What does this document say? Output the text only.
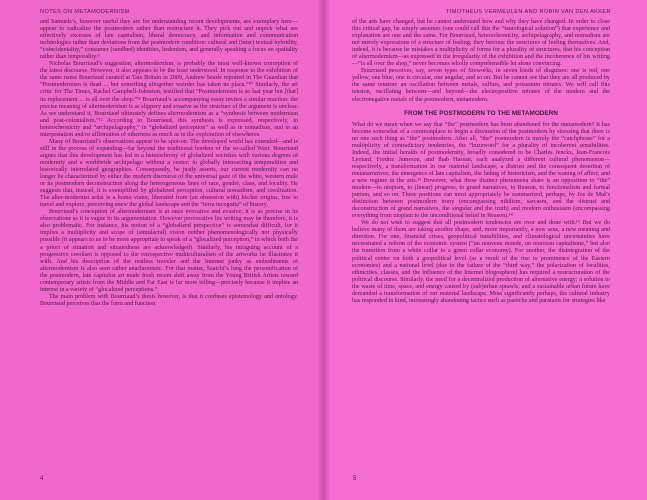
NOTES ON METAMODERNISM

and Samuels’s, however useful they are for understanding recent developments, are exemplary here—appear to radicalize the postmodern rather than restructure it. They pick out and unpick what are effectively excesses of late capitalism, liberal democracy, and information and communication technologies rather than deviations from the postmodern condition: cultural and (inter) textual hybridity, “coincidentality,” consumer (sandbed) identities, hedonism, and generally speaking a focus on spatiality rather than temporality.⁹

Nicholas Bourriaud’s suggestion, altermodernism, is probably the most well-known conception of the latest discourse. However, it also appears to be the least understood. In response to the exhibition of the same name Bourriaud curated at Tate Britain in 2009, Andrew Searle reported in The Guardian that “Postmodernism is dead ... but something altogether weirder has taken its place.”¹⁰ Similarly, the art critic for The Times, Rachel Campbell-Johnston, testified that “Postmodernism is so last year but [that] its replacement ... is all over the shop.”¹¹ Bourriaud’s accompanying essay invites a similar reaction: the precise meaning of altermodernism is as slippery and evasive as the structure of the argument is unclear. As we understand it, Bourriaud ultimately defines altermodernism as a “synthesis between modernism and post-colonialism.”¹² According to Bourriaud, this synthesis is expressed, respectively, in heterochronicity and “archipelagraphy,” in “globalized perception” as well as in nomadism, and in an interpretation and/or affirmation of otherness as much as in the exploration of elsewheres.

Many of Bourriaud’s observations appear to be spot-on. The developed world has extended—and is still in the process of expanding—far beyond the traditional borders of the so-called West. Bourriaud argues that this development has led to a heterochrony of globalized societies with various degrees of modernity and a worldwide archipelago without a center; to globally intersecting temporalities and historically interrelated geographies. Consequently, he justly asserts, our current modernity can no longer be characterized by either the modern discourse of the universal gaze of the white, western male or its postmodern deconstruction along the heterogeneous lines of race, gender, class, and locality. He suggests that, instead, it is exemplified by globalized perception, cultural nomadism, and creolization. The alter-modernist artist is a homo viator, liberated from (an obsession with) his/her origins, free to travel and explore, perceiving anew the global landscape and the “terra incognita” of history.

Bourriaud’s conception of altermodernism is at once evocative and evasive; it is as precise in its observations as it is vague in its argumentation. However provocative his writing may be therefore, it is also problematic. For instance, his notion of a “globalized perspective” is somewhat difficult, for it implies a multiplicity and scope of (simulacral) vision neither phenomenologically nor physically possible (it appears to us to be more appropriate to speak of a “glocalized perception,” in which both the a priori of situation and situatedness are acknowledged). Similarly, his intriguing account of a progressive creolism is opposed to the retrospective multiculturalism of the artworks he illustrates it with. And his description of the restless traveler and the Internet junky as embodiments of altermodernism is also seen rather anachronistic. For that matter, Saatchi’s long the personification of the postmodern, late capitalist art made fresh recent shift away from the Young British Artists toward contemporary artists from the Middle and Far East is far more telling—precisely because it implies an interest in a variety of “glocalized perceptions.”

The main problem with Bourriaud’s thesis however, is that it confuses epistemology and ontology. Bourriaud perceives that the form and function

4
TIMOTHEUS VERMEULEN AND ROBIN VAN DEN AKKER

of the arts have changed, but he cannot understand how and why they have changed. In order to close this critical gap, he simply assumes (one could call this the “tautological solution”) that experience and explanation are one and the same. For Bourriaud, heterochronicity, archipelagraphy, and nomadism are not merely expressions of a structure of feeling; they become the structures of feeling themselves. And, indeed, it is because he mistakes a multiplicity of forms for a plurality of structures, that his conception of altermodernism—as expressed in the irregularity of the exhibition and the incoherence of his writing—“is all over the shop,” never becomes wholly comprehensible let alone convincing.

Bourriaud perceives, say, seven types of fireworks, in seven kinds of disguises: one is red, one yellow, one blue, one is circular, one angular, and so on. But he cannot see that they are all produced by the same tension: an oscillation between metals, sulfurs, and potassium nitrates. We will call this tension, oscillating between—and beyond—the electropositive nitrates of the modern and the electronegative metals of the postmodern, metamodern.

FROM THE POSTMODERN TO THE METAMODERN

What do we mean when we say that “the” postmodern has been abandoned for the metamodern? It has become somewhat of a commonplace to begin a discussion of the postmodern by stressing that there is no one such thing as “the” postmodern. After all, “the” postmodern is merely the “catchphrase” for a multiplicity of contradictory tendencies, the “buzzword” for a plurality of incoherent sensibilities. Indeed, the initial heralds of postmodernity, broadly considered to be Charles Jencks, Jean-Francois Lyotard, Fredric Jameson, and Ihab Hassan, each analyzed a different cultural phenomenon—respectively, a transformation in our material landscape; a distrust and the consequent desertion of metanarratives; the emergence of late capitalism, the fading of historicism, and the waning of affect; and a new regime in the arts.¹³ However, what these distinct phenomena share is an opposition to “the” modern—to utopism, to (linear) progress, to grand narratives, to Reason, to functionalism and formal purism, and so on. These positions can most appropriately be summarized, perhaps, by Jos de Mul’s distinction between postmodern irony (encompassing nihilism, sarcasm, and the distrust and deconstruction of grand narratives, the singular and the truth) and modern enthusiasm (encompassing everything from utopism to the unconditional belief in Reason).¹⁴

We do not wish to suggest that all postmodern tendencies are over and done with.¹⁵ But we do believe many of them are taking another shape, and, more importantly, a new sens, a new meaning and direction. For one, financial crises, geopolitical instabilities, and climatological uncertainties have necessitated a reform of the economic system (“un nouveau monde, un nouveau capitalisme,” but also the transition from a white collar to a green collar economy). For another, the disintegration of the political center on both a geopolitical level (as a result of the rise to prominence of the Eastern economies) and a national level (due to the failure of the “third way,” the polarization of localities, ethnicities, classes, and the influence of the Internet blogosphere) has required a restructuration of the political discourse. Similarly, the need for a decentralized production of alternative energy; a solution to the waste of time, space, and energy caused by (sub)urban sprawls; and a sustainable urban future have demanded a transformation of our material landscape. Most significantly perhaps, the cultural industry has responded in kind, increasingly abandoning tactics such as pastiche and parataxis for strategies like

5
